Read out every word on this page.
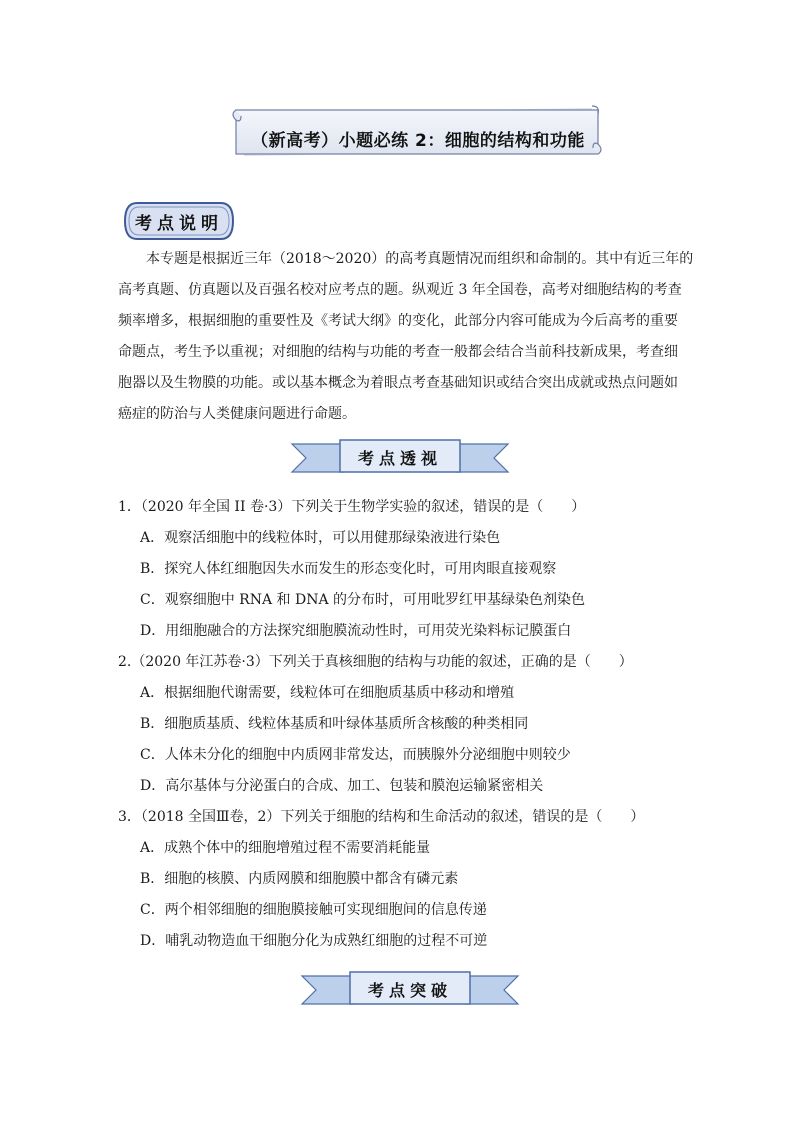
（新高考）小题必练 2：细胞的结构和功能
考点说明
本专题是根据近三年（2018～2020）的高考真题情况而组织和命制的。其中有近三年的
高考真题、仿真题以及百强名校对应考点的题。纵观近 3 年全国卷，高考对细胞结构的考查
频率增多，根据细胞的重要性及《考试大纲》的变化，此部分内容可能成为今后高考的重要
命题点，考生予以重视；对细胞的结构与功能的考查一般都会结合当前科技新成果，考查细
胞器以及生物膜的功能。或以基本概念为着眼点考查基础知识或结合突出成就或热点问题如
癌症的防治与人类健康问题进行命题。
考点透视
1．（2020 年全国 II 卷·3）下列关于生物学实验的叙述，错误的是（　　）
A．观察活细胞中的线粒体时，可以用健那绿染液进行染色
B．探究人体红细胞因失水而发生的形态变化时，可用肉眼直接观察
C．观察细胞中 RNA 和 DNA 的分布时，可用吡罗红甲基绿染色剂染色
D．用细胞融合的方法探究细胞膜流动性时，可用荧光染料标记膜蛋白
2.（2020 年江苏卷·3）下列关于真核细胞的结构与功能的叙述，正确的是（　　）
A．根据细胞代谢需要，线粒体可在细胞质基质中移动和增殖
B．细胞质基质、线粒体基质和叶绿体基质所含核酸的种类相同
C．人体未分化的细胞中内质网非常发达，而胰腺外分泌细胞中则较少
D．高尔基体与分泌蛋白的合成、加工、包装和膜泡运输紧密相关
3．（2018 全国Ⅲ卷，2）下列关于细胞的结构和生命活动的叙述，错误的是（　　）
A．成熟个体中的细胞增殖过程不需要消耗能量
B．细胞的核膜、内质网膜和细胞膜中都含有磷元素
C．两个相邻细胞的细胞膜接触可实现细胞间的信息传递
D．哺乳动物造血干细胞分化为成熟红细胞的过程不可逆
考点突破
